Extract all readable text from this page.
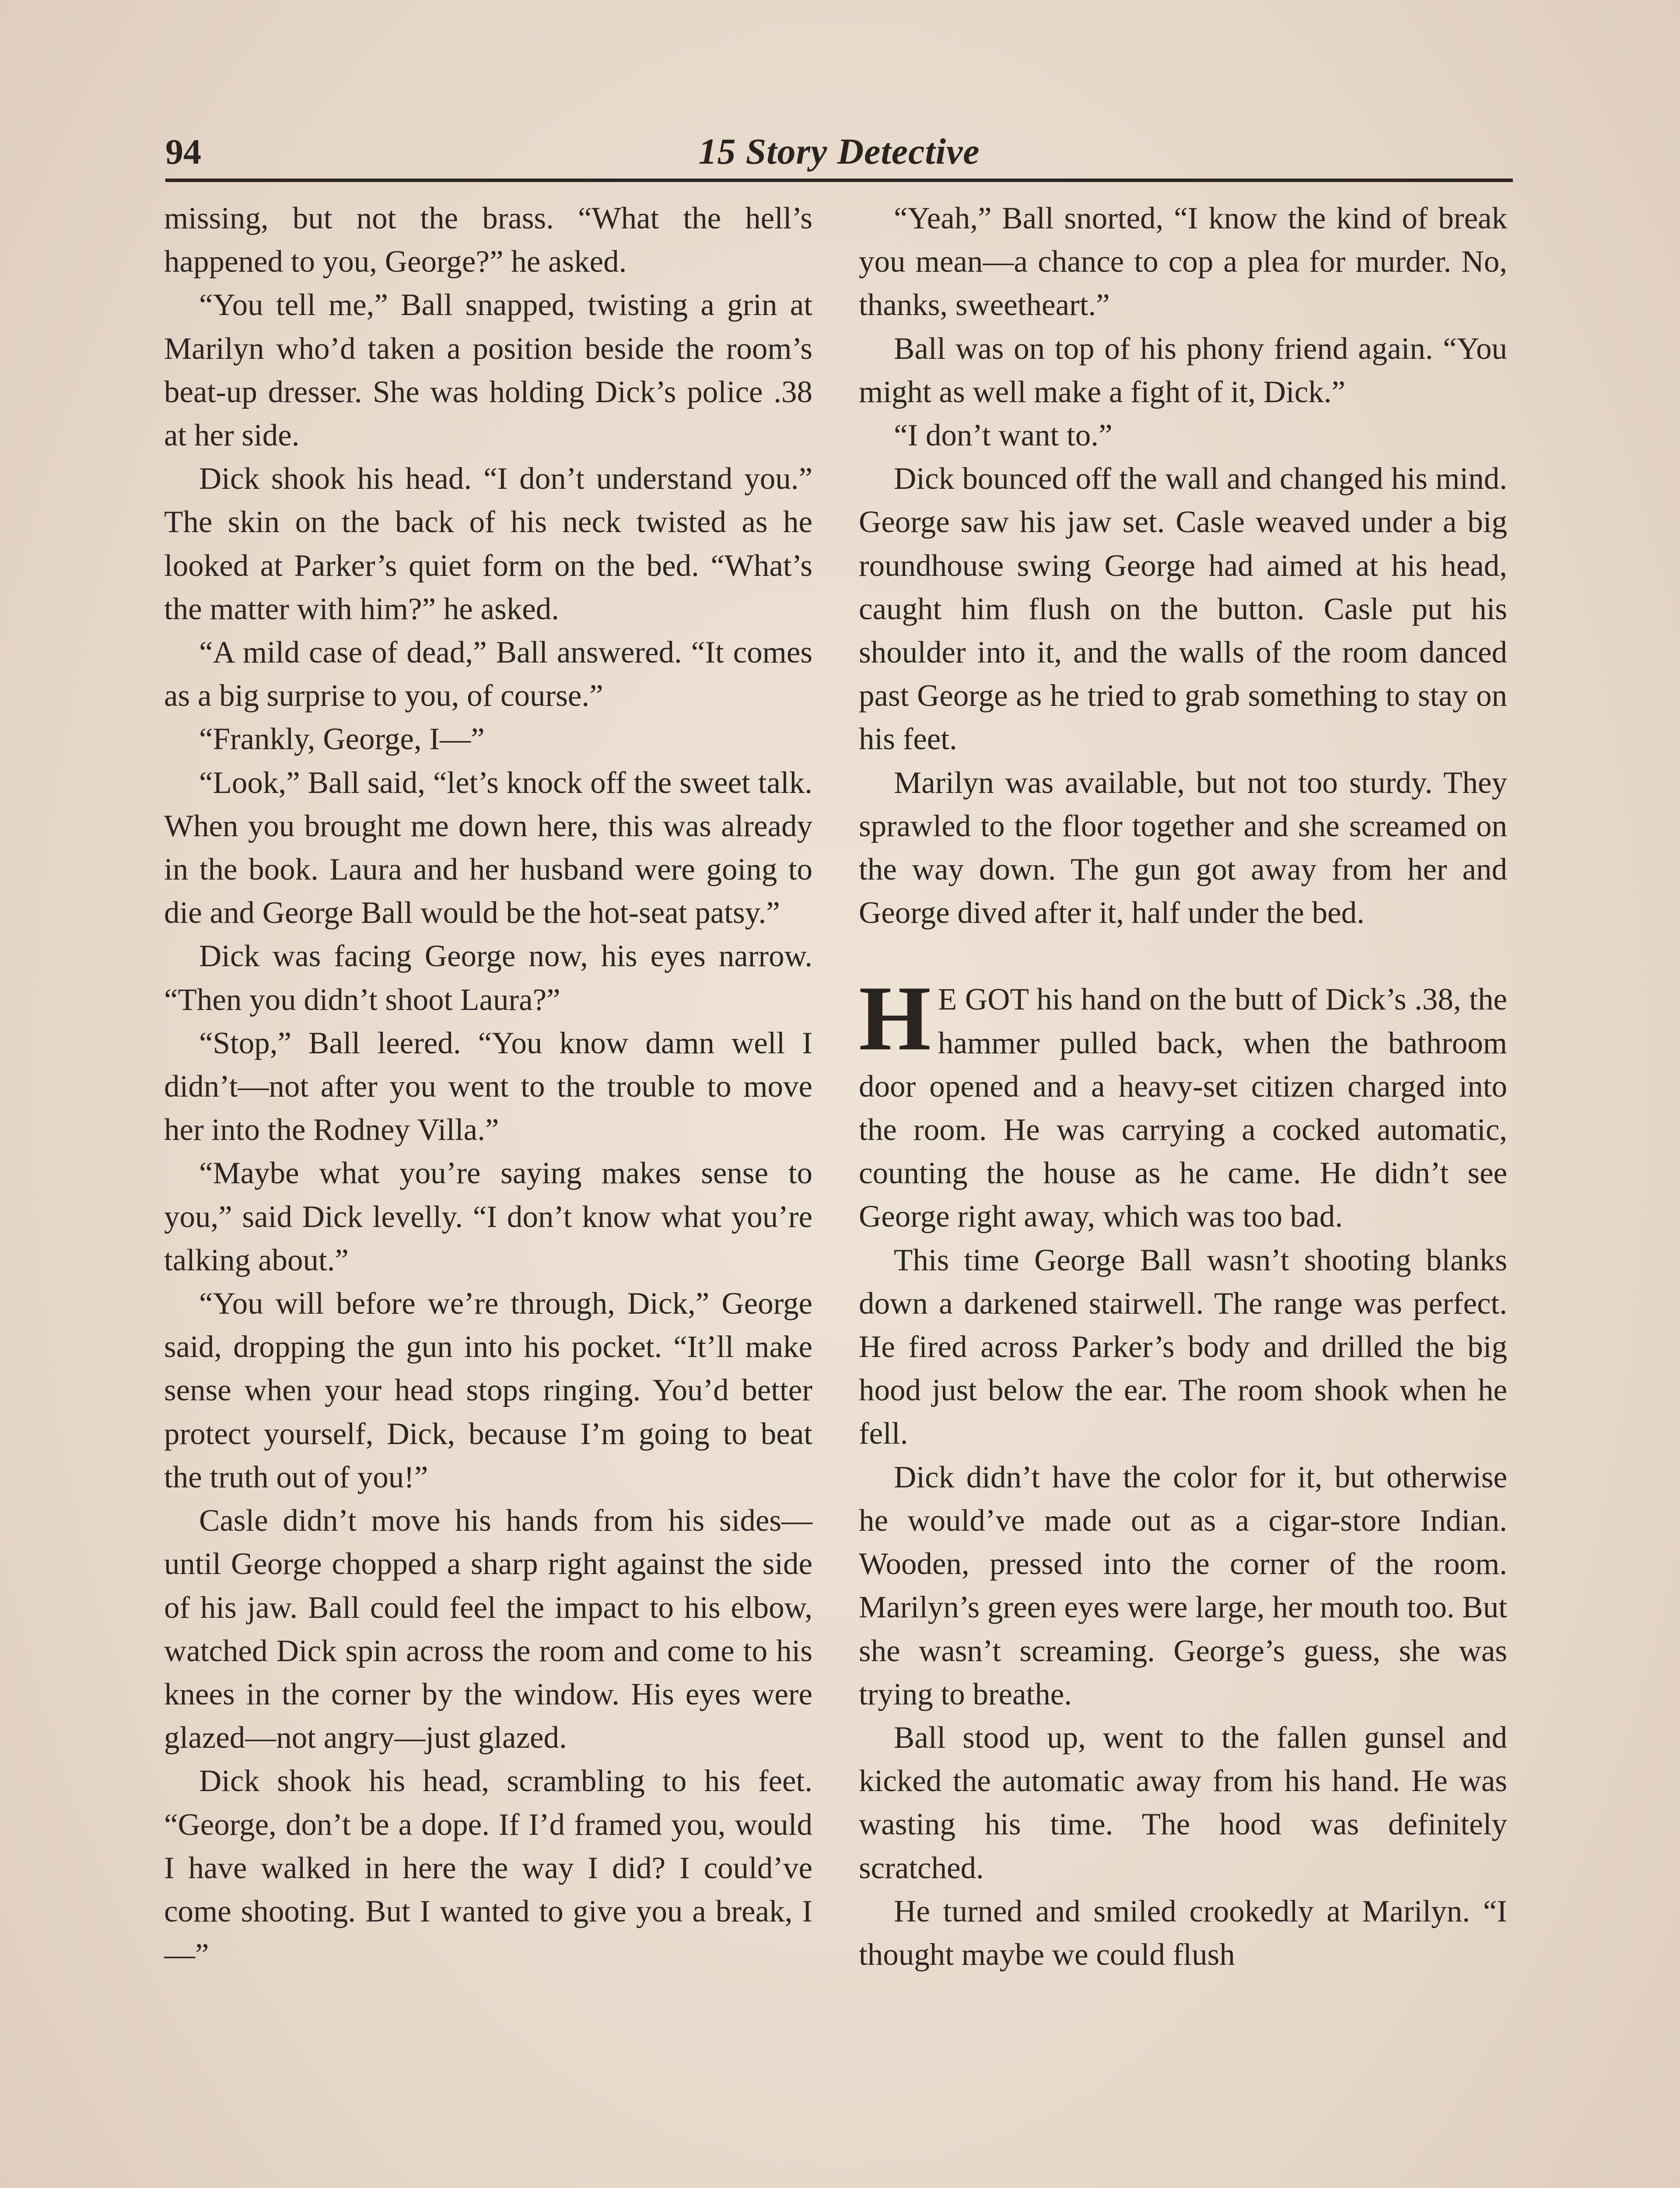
94	15 Story Detective

missing, but not the brass. “What the hell’s happened to you, George?” he asked.

“You tell me,” Ball snapped, twisting a grin at Marilyn who’d taken a position beside the room’s beat-up dresser. She was holding Dick’s police .38 at her side.

Dick shook his head. “I don’t understand you.” The skin on the back of his neck twisted as he looked at Parker’s quiet form on the bed. “What’s the matter with him?” he asked.

“A mild case of dead,” Ball answered. “It comes as a big surprise to you, of course.”

“Frankly, George, I—”

“Look,” Ball said, “let’s knock off the sweet talk. When you brought me down here, this was already in the book. Laura and her husband were going to die and George Ball would be the hot-seat patsy.”

Dick was facing George now, his eyes narrow. “Then you didn’t shoot Laura?”

“Stop,” Ball leered. “You know damn well I didn’t—not after you went to the trouble to move her into the Rodney Villa.”

“Maybe what you’re saying makes sense to you,” said Dick levelly. “I don’t know what you’re talking about.”

“You will before we’re through, Dick,” George said, dropping the gun into his pocket. “It’ll make sense when your head stops ringing. You’d better protect yourself, Dick, because I’m going to beat the truth out of you!”

Casle didn’t move his hands from his sides—until George chopped a sharp right against the side of his jaw. Ball could feel the impact to his elbow, watched Dick spin across the room and come to his knees in the corner by the window. His eyes were glazed—not angry—just glazed.

Dick shook his head, scrambling to his feet. “George, don’t be a dope. If I’d framed you, would I have walked in here the way I did? I could’ve come shooting. But I wanted to give you a break, I—”

“Yeah,” Ball snorted, “I know the kind of break you mean—a chance to cop a plea for murder. No, thanks, sweetheart.”

Ball was on top of his phony friend again. “You might as well make a fight of it, Dick.”

“I don’t want to.”

Dick bounced off the wall and changed his mind. George saw his jaw set. Casle weaved under a big roundhouse swing George had aimed at his head, caught him flush on the button. Casle put his shoulder into it, and the walls of the room danced past George as he tried to grab something to stay on his feet.

Marilyn was available, but not too sturdy. They sprawled to the floor together and she screamed on the way down. The gun got away from her and George dived after it, half under the bed.

H E GOT his hand on the butt of Dick’s .38, the hammer pulled back, when the bathroom door opened and a heavy-set citizen charged into the room. He was carrying a cocked automatic, counting the house as he came. He didn’t see George right away, which was too bad.

This time George Ball wasn’t shooting blanks down a darkened stairwell. The range was perfect. He fired across Parker’s body and drilled the big hood just below the ear. The room shook when he fell.

Dick didn’t have the color for it, but otherwise he would’ve made out as a cigar-store Indian. Wooden, pressed into the corner of the room. Marilyn’s green eyes were large, her mouth too. But she wasn’t screaming. George’s guess, she was trying to breathe.

Ball stood up, went to the fallen gunsel and kicked the automatic away from his hand. He was wasting his time. The hood was definitely scratched.

He turned and smiled crookedly at Marilyn. “I thought maybe we could flush
